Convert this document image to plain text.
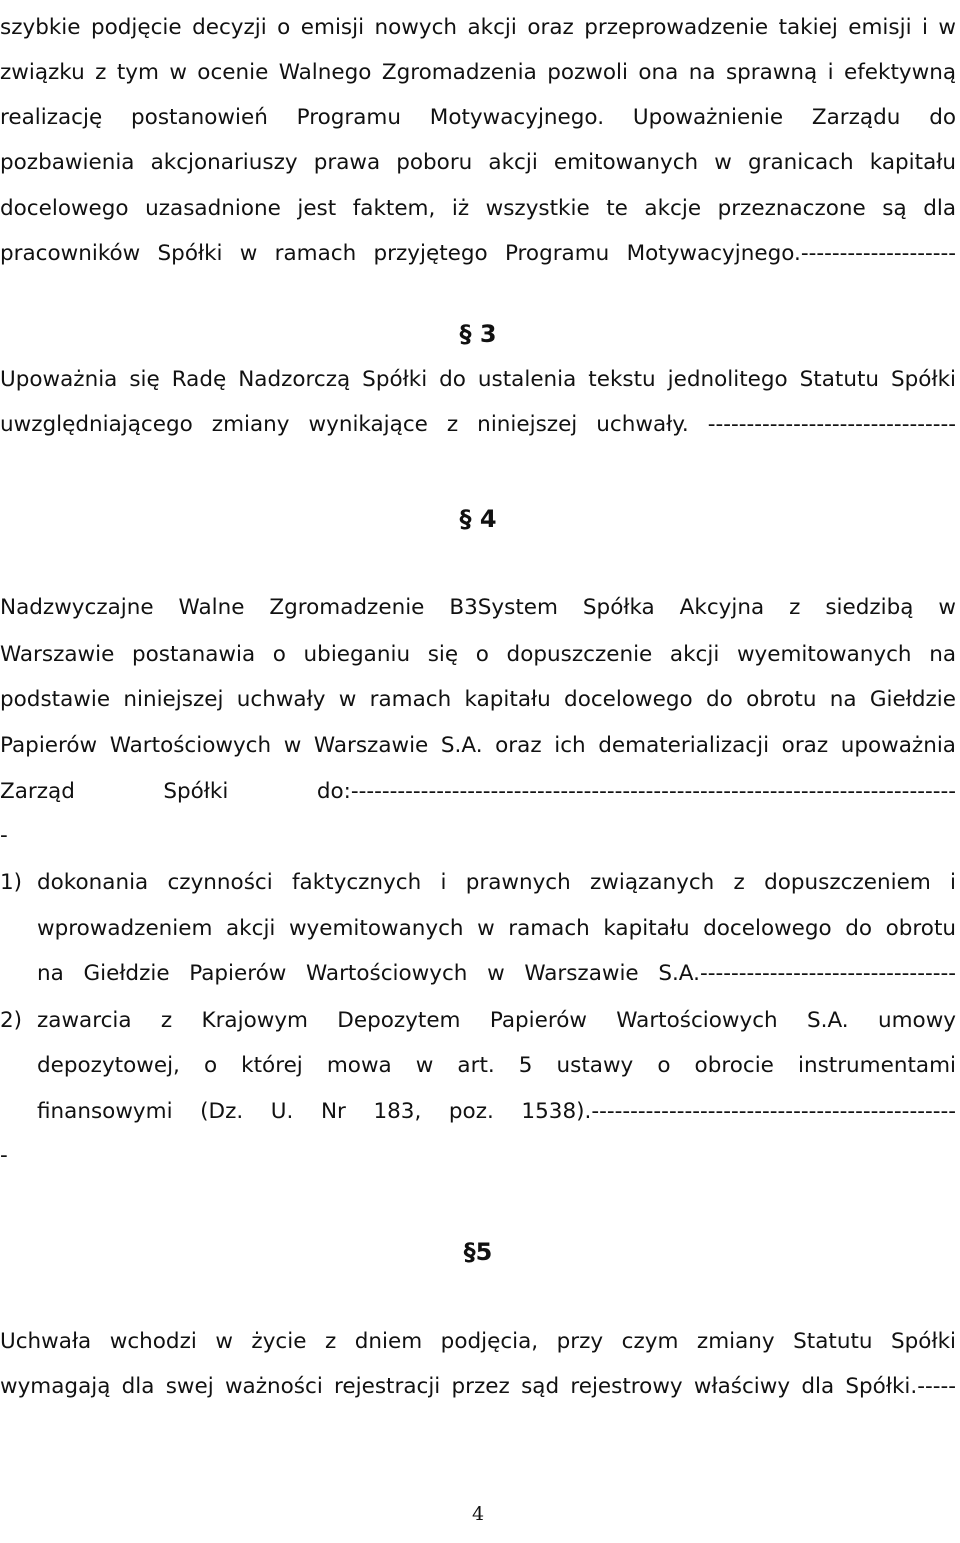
szybkie podjęcie decyzji o emisji nowych akcji oraz przeprowadzenie takiej emisji i w
związku z tym w ocenie Walnego Zgromadzenia pozwoli ona na sprawną i efektywną
realizację postanowień Programu Motywacyjnego. Upoważnienie Zarządu do
pozbawienia akcjonariuszy prawa poboru akcji emitowanych w granicach kapitału
docelowego uzasadnione jest faktem, iż wszystkie te akcje przeznaczone są dla
pracowników Spółki w ramach przyjętego Programu Motywacyjnego.--------------------
§ 3
Upoważnia się Radę Nadzorczą Spółki do ustalenia tekstu jednolitego Statutu Spółki
uwzględniającego zmiany wynikające z niniejszej uchwały. --------------------------------
§ 4
Nadzwyczajne Walne Zgromadzenie B3System Spółka Akcyjna z siedzibą w
Warszawie postanawia o ubieganiu się o dopuszczenie akcji wyemitowanych na
podstawie niniejszej uchwały w ramach kapitału docelowego do obrotu na Giełdzie
Papierów Wartościowych w Warszawie S.A. oraz ich dematerializacji oraz upoważnia
Zarząd Spółki do:------------------------------------------------------------------------------
-
1) dokonania czynności faktycznych i prawnych związanych z dopuszczeniem i
wprowadzeniem akcji wyemitowanych w ramach kapitału docelowego do obrotu
na Giełdzie Papierów Wartościowych w Warszawie S.A.---------------------------------
2) zawarcia z Krajowym Depozytem Papierów Wartościowych S.A. umowy
depozytowej, o której mowa w art. 5 ustawy o obrocie instrumentami
finansowymi (Dz. U. Nr 183, poz. 1538).-----------------------------------------------
-
§5
Uchwała wchodzi w życie z dniem podjęcia, przy czym zmiany Statutu Spółki
wymagają dla swej ważności rejestracji przez sąd rejestrowy właściwy dla Spółki.-----
4
